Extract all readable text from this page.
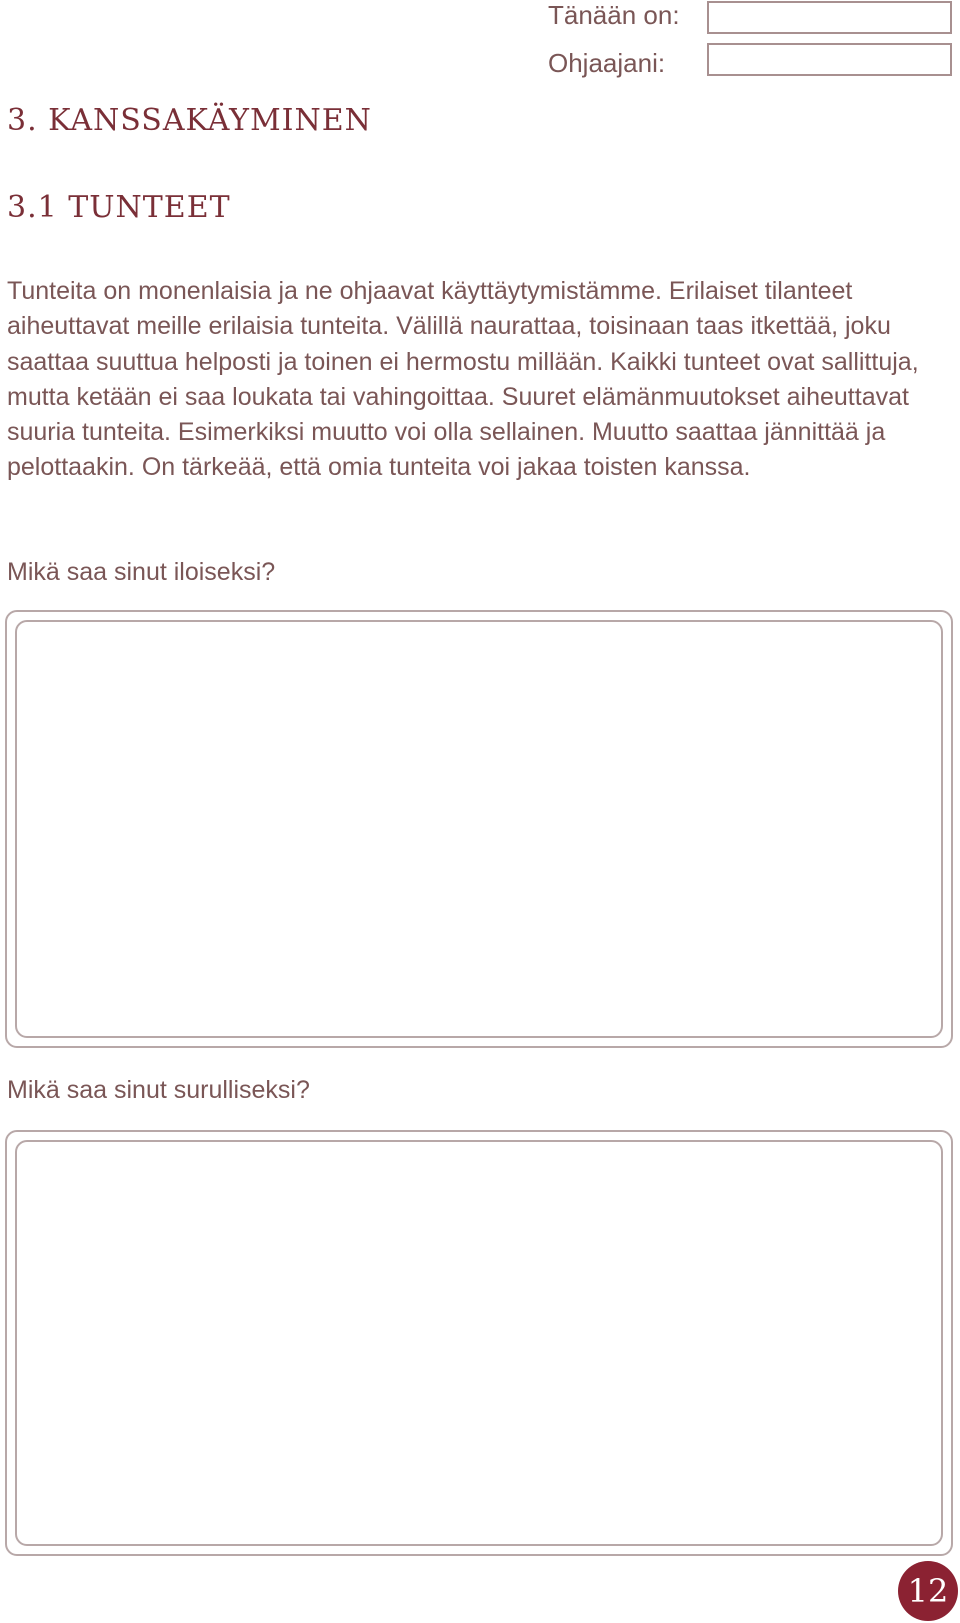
Tänään on:
Ohjaajani:
3. KANSSAKÄYMINEN
3.1 TUNTEET

Tunteita on monenlaisia ja ne ohjaavat käyttäytymistämme. Erilaiset tilanteet aiheuttavat meille erilaisia tunteita. Välillä naurattaa, toisinaan taas itkettää, joku saattaa suuttua helposti ja toinen ei hermostu millään. Kaikki tunteet ovat sallittuja, mutta ketään ei saa loukata tai vahingoittaa. Suuret elämänmuutokset aiheuttavat suuria tunteita. Esimerkiksi muutto voi olla sellainen. Muutto saattaa jännittää ja pelottaakin. On tärkeää, että omia tunteita voi jakaa toisten kanssa.

Mikä saa sinut iloiseksi?
Mikä saa sinut surulliseksi?
12
